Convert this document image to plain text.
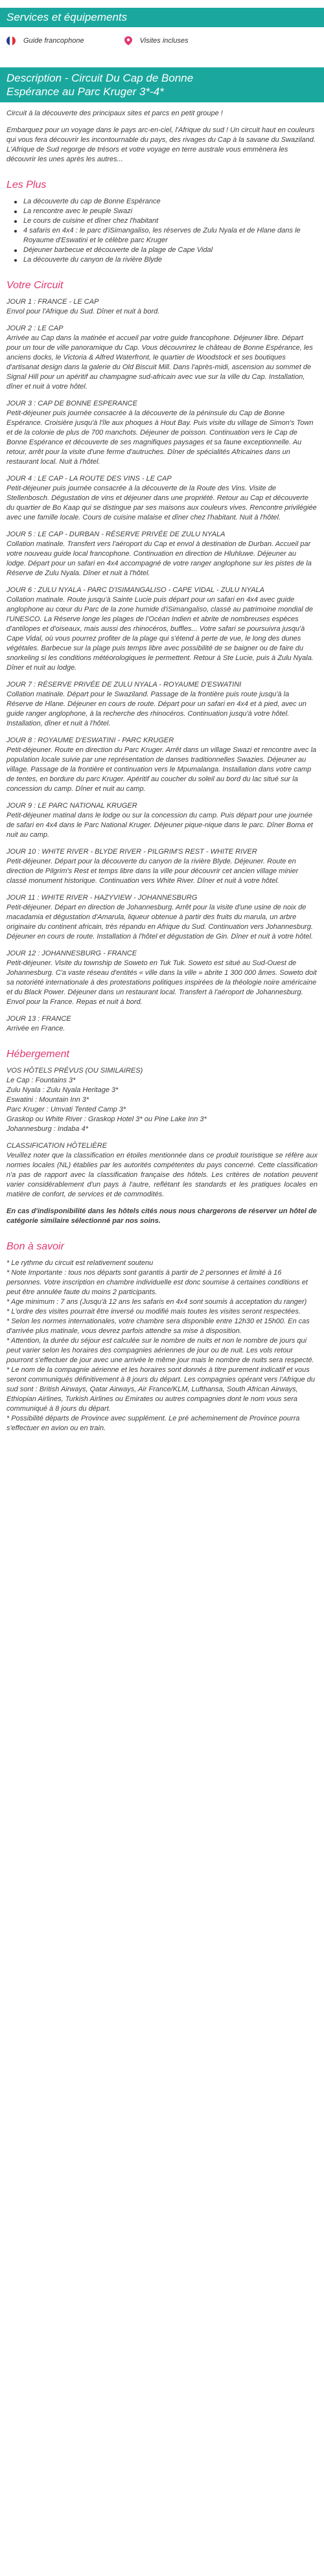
Services et équipements
Guide francophone	Visites incluses
Description - Circuit Du Cap de Bonne
Espérance au Parc Kruger 3*-4*

Circuit à la découverte des principaux sites et parcs en petit groupe !

Embarquez pour un voyage dans le pays arc-en-ciel, l'Afrique du sud ! Un circuit haut en couleurs qui vous fera découvrir les incontournable du pays, des rivages du Cap à la savane du Swaziland. L'Afrique de Sud regorge de trésors et votre voyage en terre australe vous emmènera les découvrir les unes après les autres...

Les Plus
La découverte du cap de Bonne Espérance
La rencontre avec le peuple Swazi
Le cours de cuisine et dîner chez l'habitant
4 safaris en 4x4 : le parc d'iSimangaliso, les réserves de Zulu Nyala et de Hlane dans le Royaume d'Eswatini et le célèbre parc Kruger
Déjeuner barbecue et découverte de la plage de Cape Vidal
La découverte du canyon de la rivière Blyde
Votre Circuit

JOUR 1 : FRANCE - LE CAP

Envol pour l'Afrique du Sud. Dîner et nuit à bord.

JOUR 2 : LE CAP

Arrivée au Cap dans la matinée et accueil par votre guide francophone. Déjeuner libre. Départ pour un tour de ville panoramique du Cap. Vous découvrirez le château de Bonne Espérance, les anciens docks, le Victoria & Alfred Waterfront, le quartier de Woodstock et ses boutiques d'artisanat design dans la galerie du Old Biscuit Mill. Dans l'après-midi, ascension au sommet de Signal Hill pour un apéritif au champagne sud-africain avec vue sur la ville du Cap. Installation, dîner et nuit à votre hôtel.

JOUR 3 : CAP DE BONNE ESPERANCE

Petit-déjeuner puis journée consacrée à la découverte de la péninsule du Cap de Bonne Espérance. Croisière jusqu'à l'île aux phoques à Hout Bay. Puis visite du village de Simon's Town et de la colonie de plus de 700 manchots. Déjeuner de poisson. Continuation vers le Cap de Bonne Espérance et découverte de ses magnifiques paysages et sa faune exceptionnelle. Au retour, arrêt pour la visite d'une ferme d'autruches. Dîner de spécialités Africaines dans un restaurant local. Nuit à l'hôtel.

JOUR 4 : LE CAP - LA ROUTE DES VINS - LE CAP

Petit-déjeuner puis journée consacrée à la découverte de la Route des Vins. Visite de Stellenbosch. Dégustation de vins et déjeuner dans une propriété. Retour au Cap et découverte du quartier de Bo Kaap qui se distingue par ses maisons aux couleurs vives. Rencontre privilégiée avec une famille locale. Cours de cuisine malaise et dîner chez l'habitant. Nuit à l'hôtel.

JOUR 5 : LE CAP - DURBAN - RÉSERVE PRIVÉE DE ZULU NYALA

Collation matinale. Transfert vers l'aéroport du Cap et envol à destination de Durban. Accueil par votre nouveau guide local francophone. Continuation en direction de Hluhluwe. Déjeuner au lodge. Départ pour un safari en 4x4 accompagné de votre ranger anglophone sur les pistes de la Réserve de Zulu Nyala. Dîner et nuit à l'hôtel.

JOUR 6 : ZULU NYALA - PARC D'ISIMANGALISO - CAPE VIDAL - ZULU NYALA

Collation matinale. Route jusqu'à Sainte Lucie puis départ pour un safari en 4x4 avec guide anglophone au cœur du Parc de la zone humide d'iSimangaliso, classé au patrimoine mondial de l'UNESCO. La Réserve longe les plages de l'Océan Indien et abrite de nombreuses espèces d'antilopes et d'oiseaux, mais aussi des rhinocéros, buffles... Votre safari se poursuivra jusqu'à Cape Vidal, où vous pourrez profiter de la plage qui s'étend à perte de vue, le long des dunes végétales. Barbecue sur la plage puis temps libre avec possibilité de se baigner ou de faire du snorkeling si les conditions météorologiques le permettent. Retour à Ste Lucie, puis à Zulu Nyala. Dîner et nuit au lodge.

JOUR 7 : RÉSERVE PRIVÉE DE ZULU NYALA - ROYAUME D'ESWATINI

Collation matinale. Départ pour le Swaziland. Passage de la frontière puis route jusqu'à la Réserve de Hlane. Déjeuner en cours de route. Départ pour un safari en 4x4 et à pied, avec un guide ranger anglophone, à la recherche des rhinocéros. Continuation jusqu'à votre hôtel. Installation, dîner et nuit à l'hôtel.

JOUR 8 : ROYAUME D'ESWATINI - PARC KRUGER

Petit-déjeuner. Route en direction du Parc Kruger. Arrêt dans un village Swazi et rencontre avec la population locale suivie par une représentation de danses traditionnelles Swazies. Déjeuner au village. Passage de la frontière et continuation vers le Mpumalanga. Installation dans votre camp de tentes, en bordure du parc Kruger. Apéritif au coucher du soleil au bord du lac situé sur la concession du camp. Dîner et nuit au camp.

JOUR 9 : LE PARC NATIONAL KRUGER

Petit-déjeuner matinal dans le lodge ou sur la concession du camp. Puis départ pour une journée de safari en 4x4 dans le Parc National Kruger. Déjeuner pique-nique dans le parc. Dîner Boma et nuit au camp.

JOUR 10 : WHITE RIVER - BLYDE RIVER - PILGRIM'S REST - WHITE RIVER

Petit-déjeuner. Départ pour la découverte du canyon de la rivière Blyde. Déjeuner. Route en direction de Pilgrim's Rest et temps libre dans la ville pour découvrir cet ancien village minier classé monument historique. Continuation vers White River. Dîner et nuit à votre hôtel.

JOUR 11 : WHITE RIVER - HAZYVIEW - JOHANNESBURG

Petit-déjeuner. Départ en direction de Johannesburg. Arrêt pour la visite d'une usine de noix de macadamia et dégustation d'Amarula, liqueur obtenue à partir des fruits du marula, un arbre originaire du continent africain, très répandu en Afrique du Sud. Continuation vers Johannesburg. Déjeuner en cours de route. Installation à l'hôtel et dégustation de Gin. Dîner et nuit à votre hôtel.

JOUR 12 : JOHANNESBURG - FRANCE

Petit-déjeuner. Visite du township de Soweto en Tuk Tuk. Soweto est situé au Sud-Ouest de Johannesburg. C'a vaste réseau d'entités « ville dans la ville » abrite 1 300 000 âmes. Soweto doit sa notoriété internationale à des protestations politiques inspirées de la théologie noire américaine et du Black Power. Déjeuner dans un restaurant local. Transfert à l'aéroport de Johannesburg. Envol pour la France. Repas et nuit à bord.

JOUR 13 : FRANCE

Arrivée en France.

Hébergement

VOS HÔTELS PRÉVUS (OU SIMILAIRES)

Le Cap : Fountains 3*

Zulu Nyala : Zulu Nyala Heritage 3*

Eswatini : Mountain Inn 3*

Parc Kruger : Umvati Tented Camp 3*

Graskop ou White River : Graskop Hotel 3* ou Pine Lake Inn 3*

Johannesburg : Indaba 4*

CLASSIFICATION HÔTELIÈRE

Veuillez noter que la classification en étoiles mentionnée dans ce produit touristique se réfère aux normes locales (NL) établies par les autorités compétentes du pays concerné. Cette classification n'a pas de rapport avec la classification française des hôtels. Les critères de notation peuvent varier considérablement d'un pays à l'autre, reflétant les standards et les pratiques locales en matière de confort, de services et de commodités.

En cas d'indisponibilité dans les hôtels cités nous nous chargerons de réserver un hôtel de catégorie similaire sélectionné par nos soins.

Bon à savoir

* Le rythme du circuit est relativement soutenu

* Note Importante : tous nos départs sont garantis à partir de 2 personnes et limité à 16 personnes. Votre inscription en chambre individuelle est donc soumise à certaines conditions et peut être annulée faute du moins 2 participants.

* Age minimum : 7 ans (Jusqu'à 12 ans les safaris en 4x4 sont soumis à acceptation du ranger)

* L'ordre des visites pourrait être inversé ou modifié mais toutes les visites seront respectées.

* Selon les normes internationales, votre chambre sera disponible entre 12h30 et 15h00. En cas d'arrivée plus matinale, vous devrez parfois attendre sa mise à disposition.

* Attention, la durée du séjour est calculée sur le nombre de nuits et non le nombre de jours qui peut varier selon les horaires des compagnies aériennes de jour ou de nuit. Les vols retour pourront s'effectuer de jour avec une arrivée le même jour mais le nombre de nuits sera respecté.

* Le nom de la compagnie aérienne et les horaires sont donnés à titre purement indicatif et vous seront communiqués définitivement à 8 jours du départ. Les compagnies opérant vers l'Afrique du sud sont : British Airways, Qatar Airways, Air France/KLM, Lufthansa, South African Airways, Ethiopian Airlines, Turkish Airlines ou Emirates ou autres compagnies dont le nom vous sera communiqué à 8 jours du départ.

* Possibilité départs de Province avec supplément. Le pré acheminement de Province pourra s'effectuer en avion ou en train.
